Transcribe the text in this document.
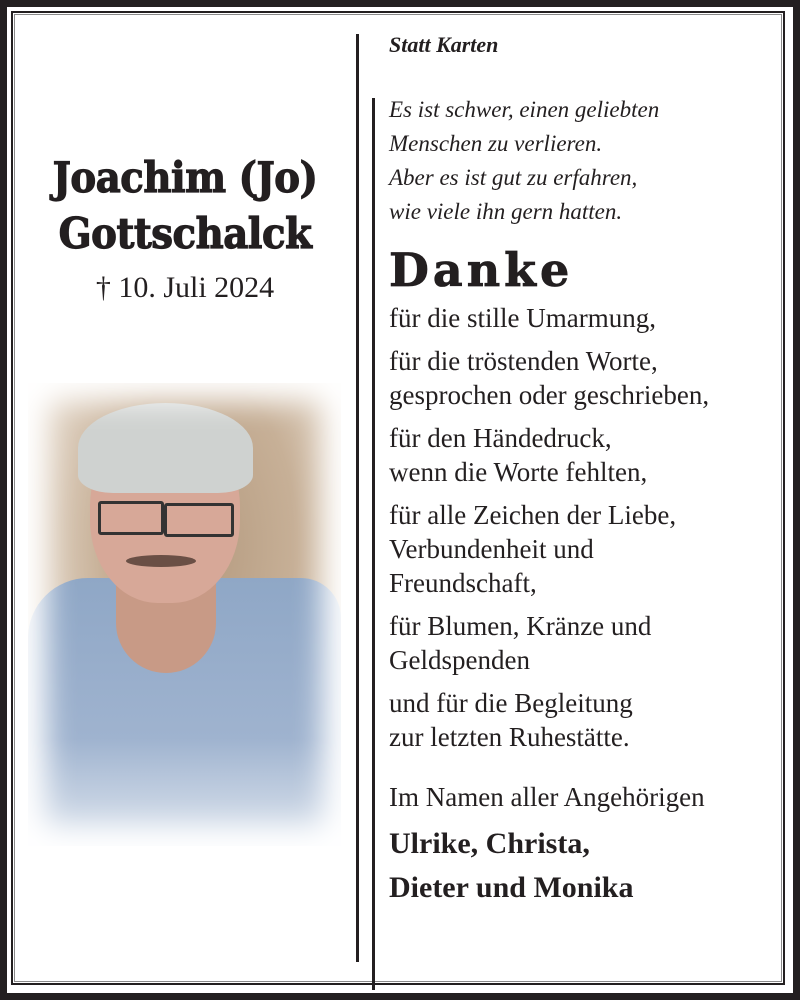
Joachim (Jo)
Gottschalck
† 10. Juli 2024
Statt Karten
Es ist schwer, einen geliebten
Menschen zu verlieren.
Aber es ist gut zu erfahren,
wie viele ihn gern hatten.
Danke
für die stille Umarmung,
für die tröstenden Worte,
gesprochen oder geschrieben,
für den Händedruck,
wenn die Worte fehlten,
für alle Zeichen der Liebe,
Verbundenheit und
Freundschaft,
für Blumen, Kränze und
Geldspenden
und für die Begleitung
zur letzten Ruhestätte.
Im Namen aller Angehörigen
Ulrike, Christa,
Dieter und Monika
